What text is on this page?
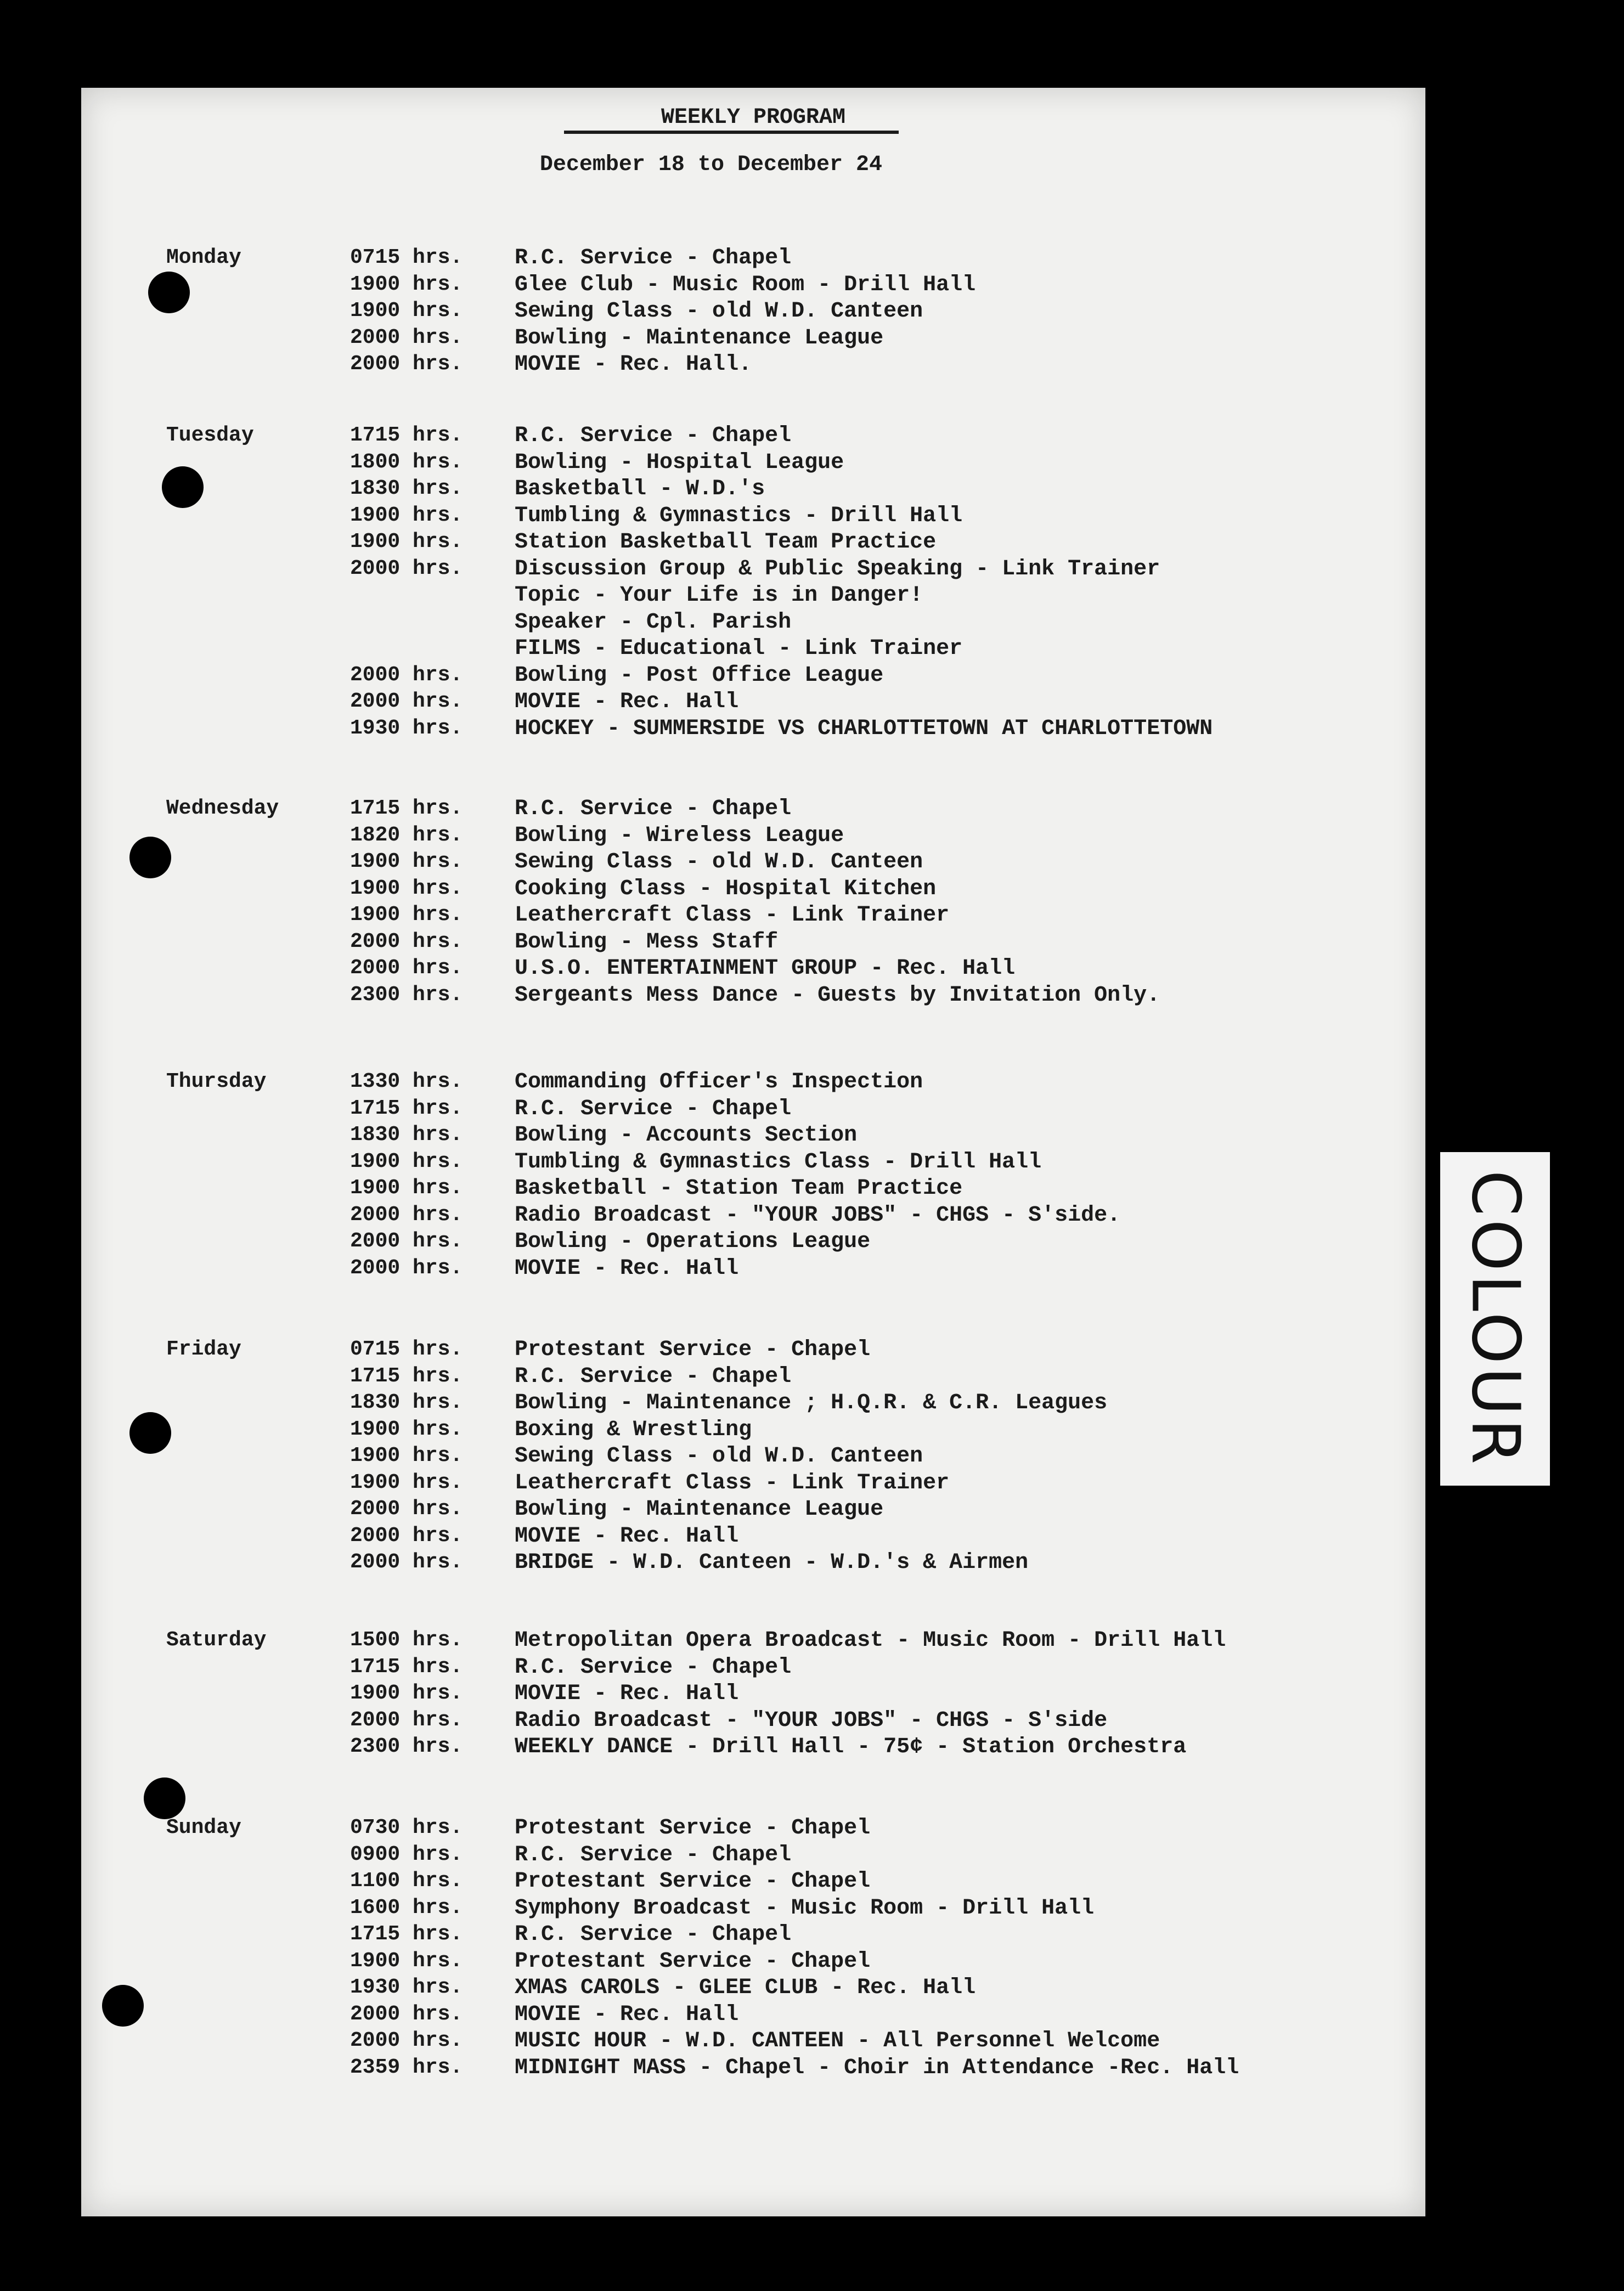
WEEKLY PROGRAM
December 18 to December 24
Monday	0715 hrs.	R.C. Service - Chapel
1900 hrs.	Glee Club - Music Room - Drill Hall
1900 hrs.	Sewing Class - old W.D. Canteen
2000 hrs.	Bowling - Maintenance League
2000 hrs.	MOVIE - Rec. Hall.
Tuesday	1715 hrs.	R.C. Service - Chapel
1800 hrs.	Bowling - Hospital League
1830 hrs.	Basketball - W.D.'s
1900 hrs.	Tumbling & Gymnastics - Drill Hall
1900 hrs.	Station Basketball Team Practice
2000 hrs.	Discussion Group & Public Speaking - Link Trainer
Topic - Your Life is in Danger!
Speaker - Cpl. Parish
FILMS - Educational - Link Trainer
2000 hrs.	Bowling - Post Office League
2000 hrs.	MOVIE - Rec. Hall
1930 hrs.	HOCKEY - SUMMERSIDE VS CHARLOTTETOWN AT CHARLOTTETOWN
Wednesday	1715 hrs.	R.C. Service - Chapel
1820 hrs.	Bowling - Wireless League
1900 hrs.	Sewing Class - old W.D. Canteen
1900 hrs.	Cooking Class - Hospital Kitchen
1900 hrs.	Leathercraft Class - Link Trainer
2000 hrs.	Bowling - Mess Staff
2000 hrs.	U.S.O. ENTERTAINMENT GROUP - Rec. Hall
2300 hrs.	Sergeants Mess Dance - Guests by Invitation Only.
Thursday	1330 hrs.	Commanding Officer's Inspection
1715 hrs.	R.C. Service - Chapel
1830 hrs.	Bowling - Accounts Section
1900 hrs.	Tumbling & Gymnastics Class - Drill Hall
1900 hrs.	Basketball - Station Team Practice
2000 hrs.	Radio Broadcast - "YOUR JOBS" - CHGS - S'side.
2000 hrs.	Bowling - Operations League
2000 hrs.	MOVIE - Rec. Hall
Friday	0715 hrs.	Protestant Service - Chapel
1715 hrs.	R.C. Service - Chapel
1830 hrs.	Bowling - Maintenance ; H.Q.R. & C.R. Leagues
1900 hrs.	Boxing & Wrestling
1900 hrs.	Sewing Class - old W.D. Canteen
1900 hrs.	Leathercraft Class - Link Trainer
2000 hrs.	Bowling - Maintenance League
2000 hrs.	MOVIE - Rec. Hall
2000 hrs.	BRIDGE - W.D. Canteen - W.D.'s & Airmen
Saturday	1500 hrs.	Metropolitan Opera Broadcast - Music Room - Drill Hall
1715 hrs.	R.C. Service - Chapel
1900 hrs.	MOVIE - Rec. Hall
2000 hrs.	Radio Broadcast - "YOUR JOBS" - CHGS - S'side
2300 hrs.	WEEKLY DANCE - Drill Hall - 75¢ - Station Orchestra
Sunday	0730 hrs.	Protestant Service - Chapel
0900 hrs.	R.C. Service - Chapel
1100 hrs.	Protestant Service - Chapel
1600 hrs.	Symphony Broadcast - Music Room - Drill Hall
1715 hrs.	R.C. Service - Chapel
1900 hrs.	Protestant Service - Chapel
1930 hrs.	XMAS CAROLS - GLEE CLUB - Rec. Hall
2000 hrs.	MOVIE - Rec. Hall
2000 hrs.	MUSIC HOUR - W.D. CANTEEN - All Personnel Welcome
2359 hrs.	MIDNIGHT MASS - Chapel - Choir in Attendance -Rec. Hall
COLOUR
